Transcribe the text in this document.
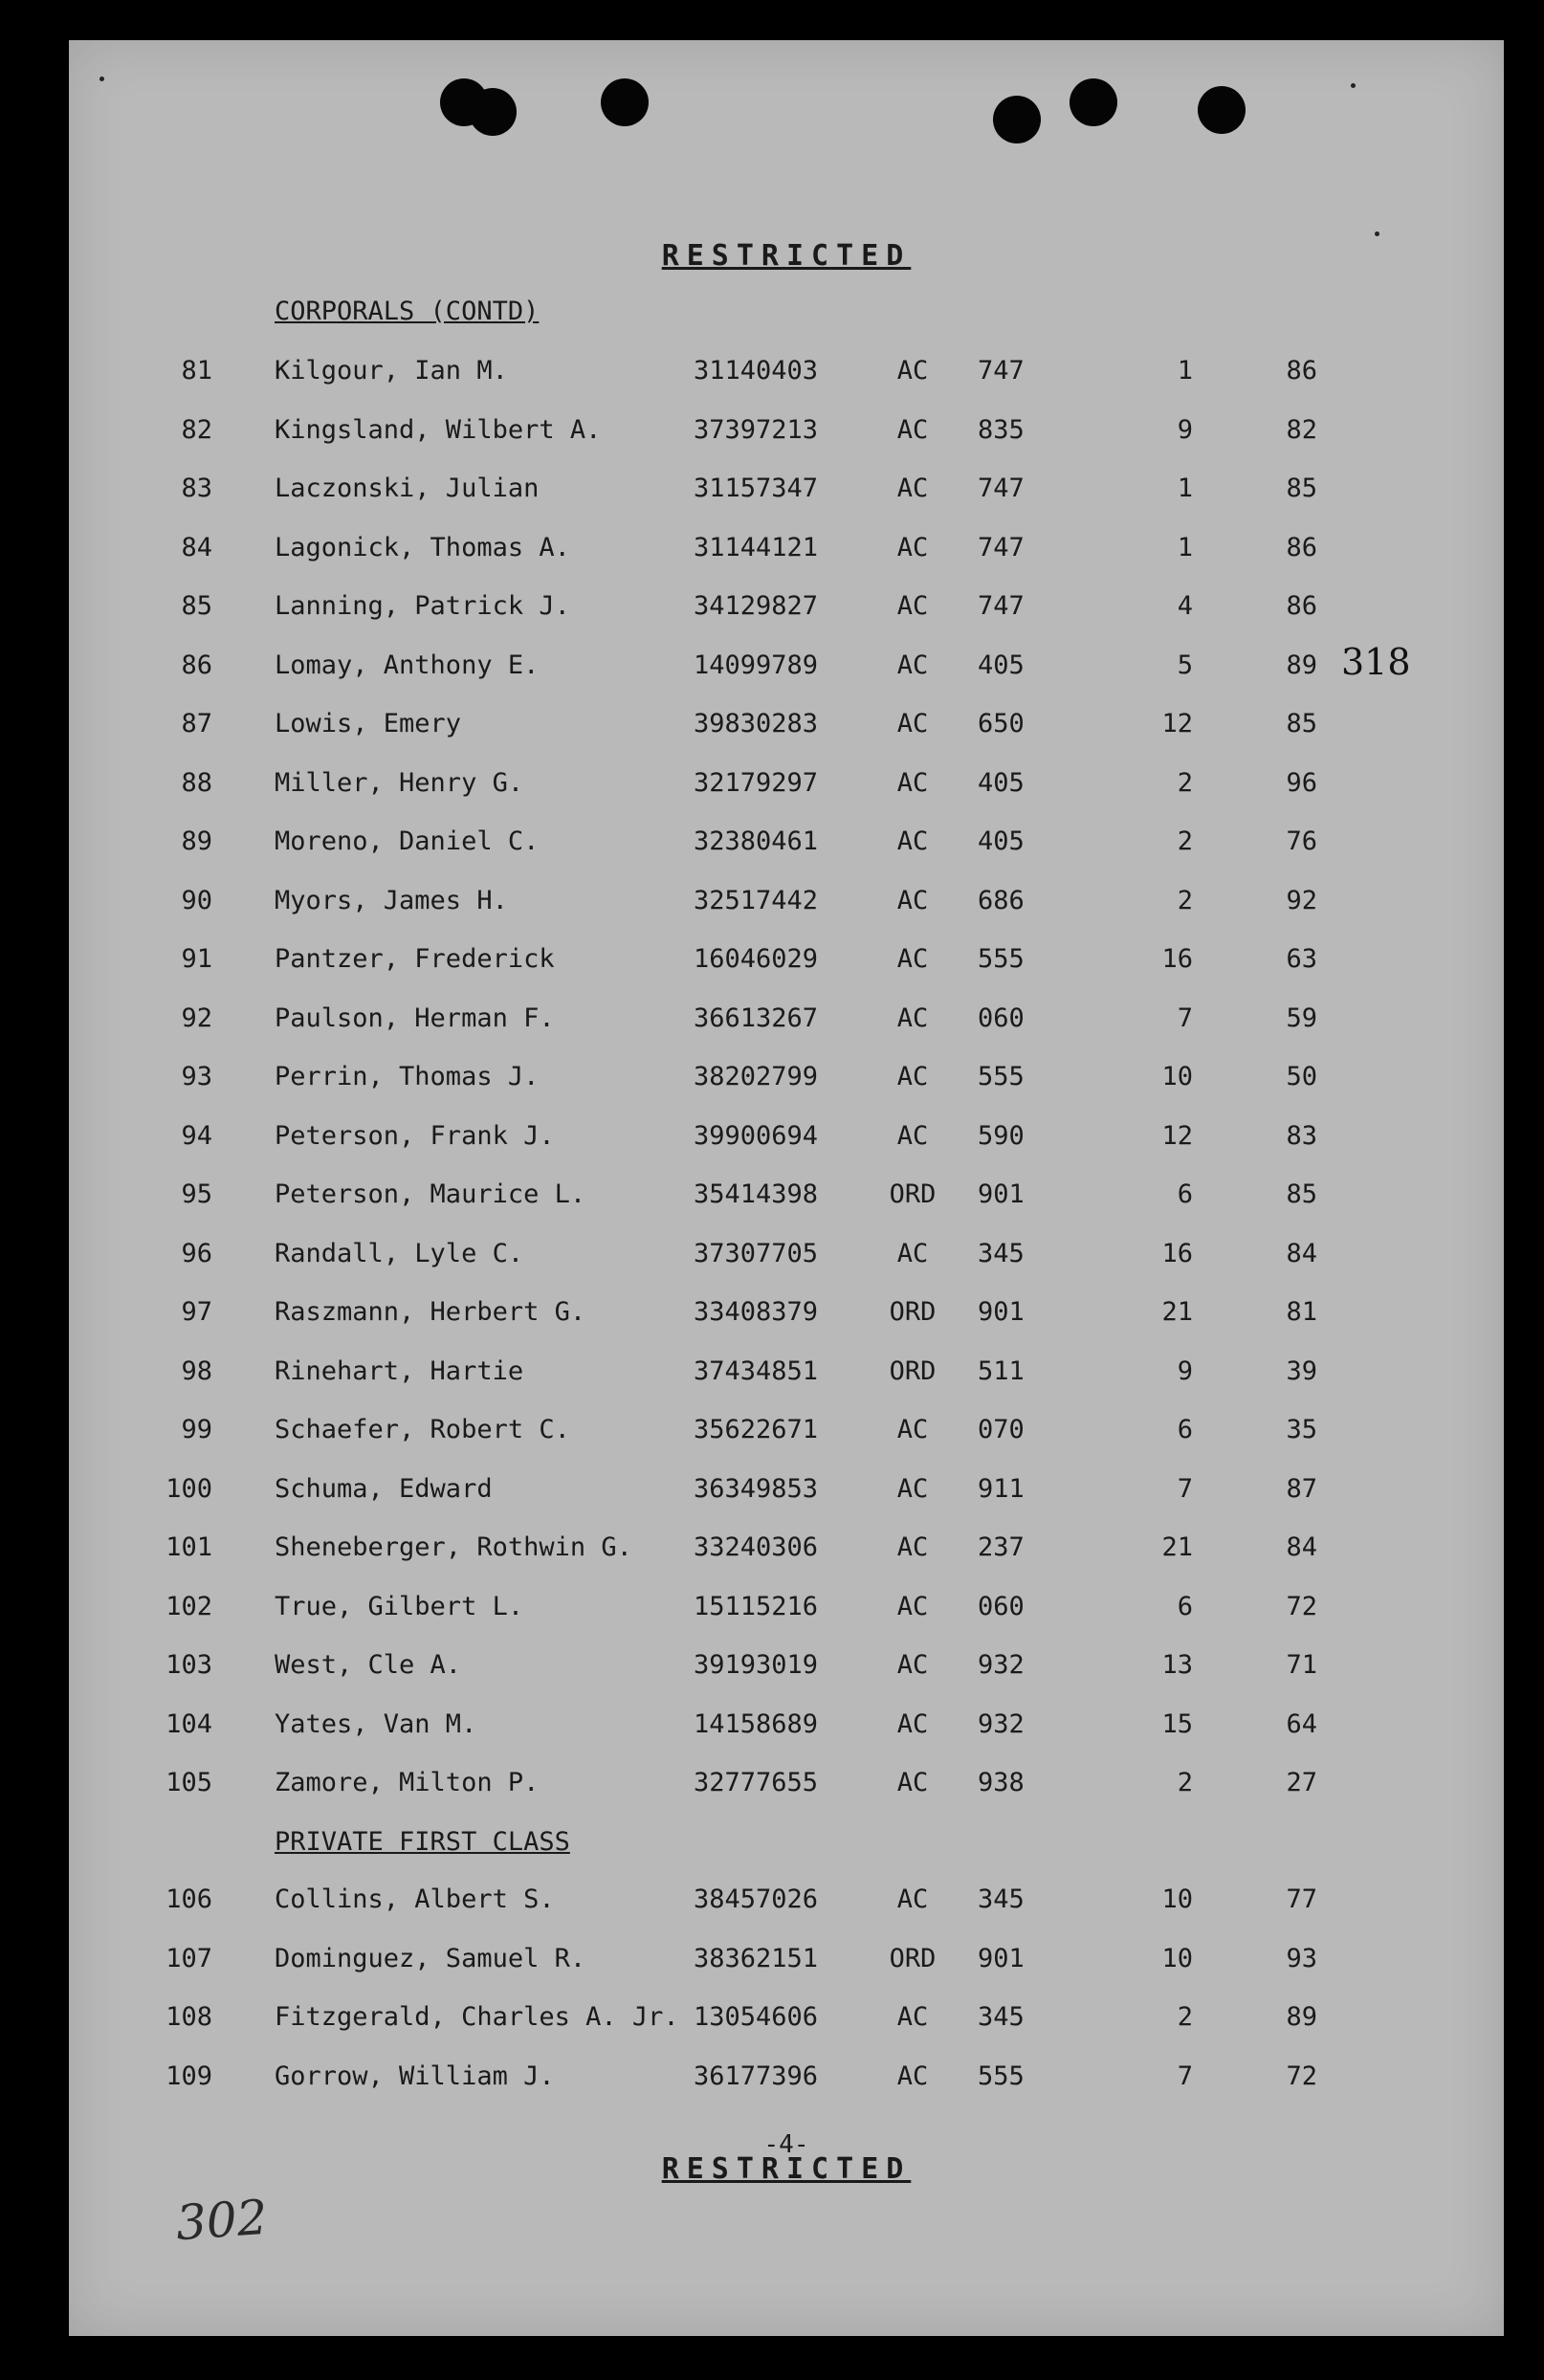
RESTRICTED
CORPORALS (CONTD)
81 Kilgour, Ian M.	31140403	AC	747	1	86
82 Kingsland, Wilbert A.	37397213	AC	835	9	82
83 Laczonski, Julian	31157347	AC	747	1	85
84 Lagonick, Thomas A.	31144121	AC	747	1	86
85 Lanning, Patrick J.	34129827	AC	747	4	86
86 Lomay, Anthony E.	14099789	AC	405	5	89
87 Lowis, Emery	39830283	AC	650	12	85
88 Miller, Henry G.	32179297	AC	405	2	96
89 Moreno, Daniel C.	32380461	AC	405	2	76
90 Myors, James H.	32517442	AC	686	2	92
91 Pantzer, Frederick	16046029	AC	555	16	63
92 Paulson, Herman F.	36613267	AC	060	7	59
93 Perrin, Thomas J.	38202799	AC	555	10	50
94 Peterson, Frank J.	39900694	AC	590	12	83
95 Peterson, Maurice L.	35414398	ORD 901	6	85
96 Randall, Lyle C.	37307705	AC	345	16	84
97 Raszmann, Herbert G.	33408379	ORD 901	21	81
98 Rinehart, Hartie	37434851	ORD 511	9	39
99 Schaefer, Robert C.	35622671	AC	070	6	35
100 Schuma, Edward	36349853	AC	911	7	87
101 Sheneberger, Rothwin G. 33240306	AC	237	21	84
102 True, Gilbert L.	15115216	AC	060	6	72
103 West, Cle A.	39193019	AC	932	13	71
104 Yates, Van M.	14158689	AC	932	15	64
105 Zamore, Milton P.	32777655	AC	938	2	27
PRIVATE FIRST CLASS
106 Collins, Albert S.	38457026	AC	345	10	77
107 Dominguez, Samuel R.	38362151	ORD 901	10	93
108 Fitzgerald, Charles A. Jr. 13054606	AC	345	2	89
109 Gorrow, William J.	36177396	AC	555	7	72
318
-4-
RESTRICTED
302
